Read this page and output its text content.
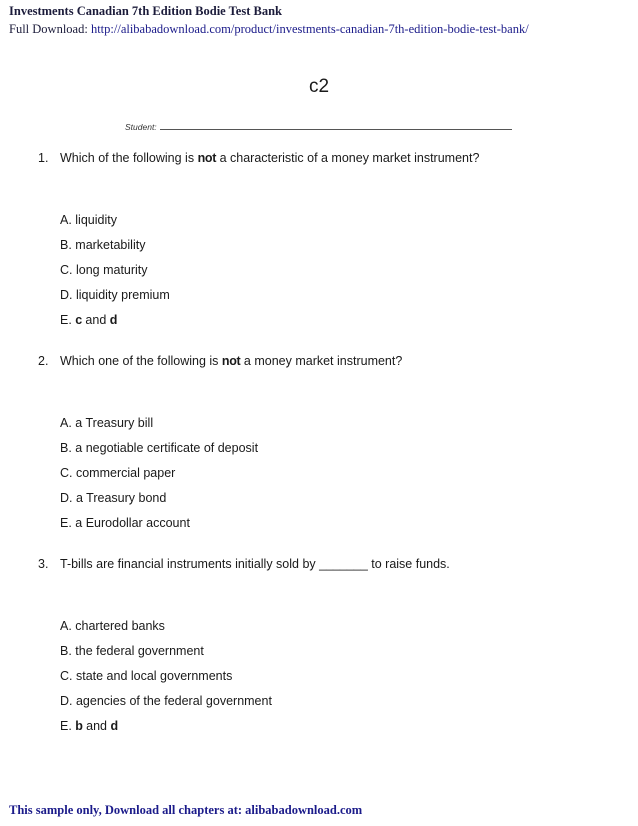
Investments Canadian 7th Edition Bodie Test Bank
Full Download: http://alibabadownload.com/product/investments-canadian-7th-edition-bodie-test-bank/
c2
Student:
1. Which of the following is not a characteristic of a money market instrument?
A. liquidity
B. marketability
C. long maturity
D. liquidity premium
E. c and d
2. Which one of the following is not a money market instrument?
A. a Treasury bill
B. a negotiable certificate of deposit
C. commercial paper
D. a Treasury bond
E. a Eurodollar account
3. T-bills are financial instruments initially sold by _______ to raise funds.
A. chartered banks
B. the federal government
C. state and local governments
D. agencies of the federal government
E. b and d
This sample only, Download all chapters at: alibabadownload.com
